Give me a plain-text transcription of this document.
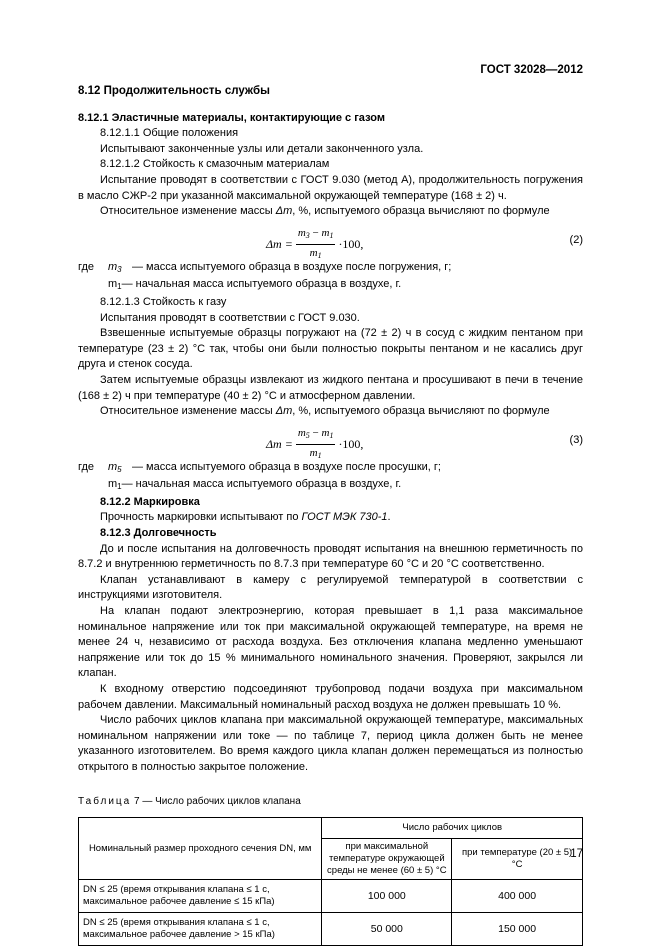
ГОСТ 32028—2012

8.12 Продолжительность службы

8.12.1 Эластичные материалы, контактирующие с газом

8.12.1.1 Общие положения

Испытывают законченные узлы или детали законченного узла.

8.12.1.2 Стойкость к смазочным материалам

Испытание проводят в соответствии с ГОСТ 9.030 (метод А), продолжительность погружения в масло СЖР-2 при указанной максимальной окружающей температуре (168 ± 2) ч.

Относительное изменение массы Δm, %, испытуемого образца вычисляют по формуле

$\Delta m = \frac{m_3 - m_1}{m_1} \cdot 100$,	(2)

где $m_3$ — масса испытуемого образца в воздухе после погружения, г;

$m_1—$ начальная масса испытуемого образца в воздухе, г.

8.12.1.3 Стойкость к газу

Испытания проводят в соответствии с ГОСТ 9.030.

Взвешенные испытуемые образцы погружают на (72 ± 2) ч в сосуд с жидким пентаном при температуре (23 ± 2) °С так, чтобы они были полностью покрыты пентаном и не касались друг друга и стенок сосуда.

Затем испытуемые образцы извлекают из жидкого пентана и просушивают в печи в течение (168 ± 2) ч при температуре (40 ± 2) °С и атмосферном давлении.

Относительное изменение массы Δm, %, испытуемого образца вычисляют по формуле

$\Delta m = \frac{m_5 - m_1}{m_1} \cdot 100$,	(3)

где $m_5$ — масса испытуемого образца в воздухе после просушки, г;

$m_1—$ начальная масса испытуемого образца в воздухе, г.

8.12.2 Маркировка

Прочность маркировки испытывают по ГОСТ МЭК 730-1.

8.12.3 Долговечность

До и после испытания на долговечность проводят испытания на внешнюю герметичность по 8.7.2 и внутреннюю герметичность по 8.7.3 при температуре 60 °С и 20 °С соответственно.

Клапан устанавливают в камеру с регулируемой температурой в соответствии с инструкциями изготовителя.

На клапан подают электроэнергию, которая превышает в 1,1 раза максимальное номинальное напряжение или ток при максимальной окружающей температуре, на время не менее 24 ч, независимо от расхода воздуха. Без отключения клапана медленно уменьшают напряжение или ток до 15 % минимального номинального значения. Проверяют, закрылся ли клапан.

К входному отверстию подсоединяют трубопровод подачи воздуха при максимальном рабочем давлении. Максимальный номинальный расход воздуха не должен превышать 10 %.

Число рабочих циклов клапана при максимальной окружающей температуре, максимальных номинальном напряжении или токе — по таблице 7, период цикла должен быть не менее указанного изготовителем. Во время каждого цикла клапан должен перемещаться из полностью открытого в полностью закрытое положение.

Таблица 7 — Число рабочих циклов клапана

Номинальный размер проходного сечения DN, мм	Число рабочих циклов	
	при максимальной температуре окружающей среды не менее (60 ± 5) °С	при температуре (20 ± 5) °С
DN ≤ 25 (время открывания клапана ≤ 1 с, максимальное рабочее давление ≤ 15 кПа)	100 000	400 000
DN ≤ 25 (время открывания клапана ≤ 1 с, максимальное рабочее давление > 15 кПа)	50 000	150 000
17
